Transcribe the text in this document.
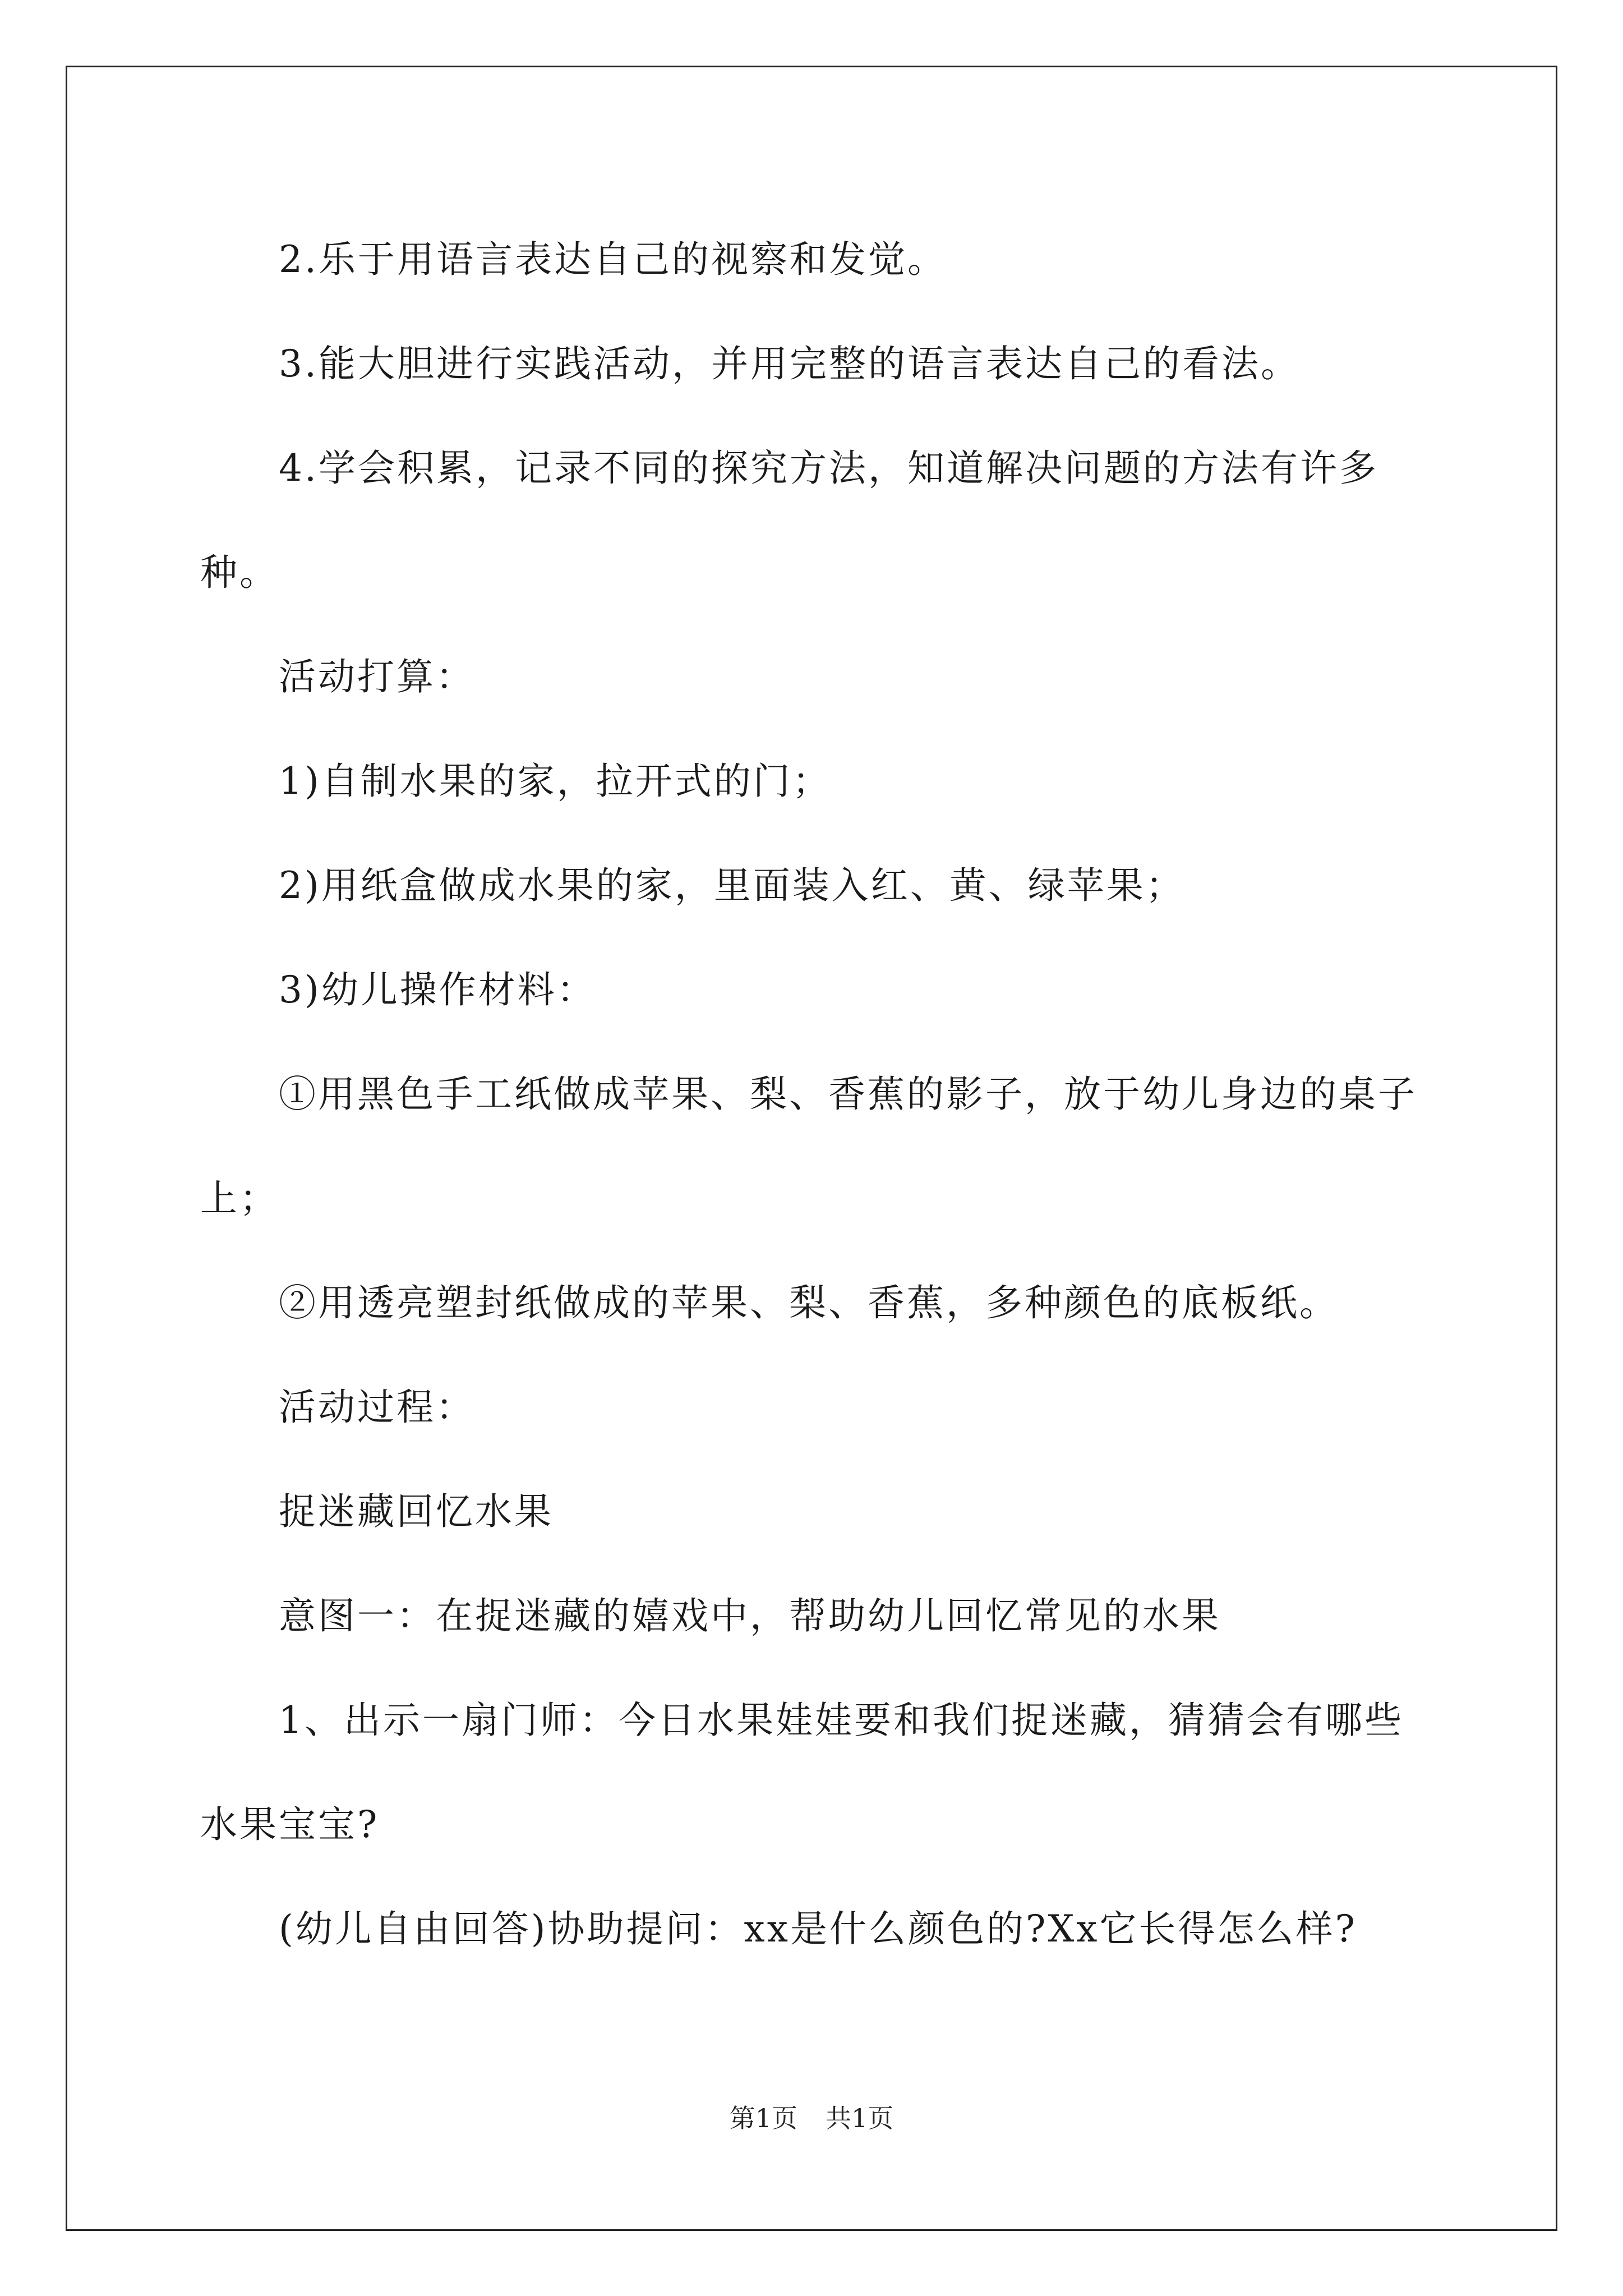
2.乐于用语言表达自己的视察和发觉。

3.能大胆进行实践活动，并用完整的语言表达自己的看法。

4.学会积累，记录不同的探究方法，知道解决问题的方法有许多种。

活动打算：

1)自制水果的家，拉开式的门；

2)用纸盒做成水果的家，里面装入红、黄、绿苹果；

3)幼儿操作材料：

①用黑色手工纸做成苹果、梨、香蕉的影子，放于幼儿身边的桌子上；

②用透亮塑封纸做成的苹果、梨、香蕉，多种颜色的底板纸。

活动过程：

捉迷藏回忆水果

意图一：在捉迷藏的嬉戏中，帮助幼儿回忆常见的水果

1、出示一扇门师：今日水果娃娃要和我们捉迷藏，猜猜会有哪些水果宝宝?

(幼儿自由回答)协助提问：xx是什么颜色的?Xx它长得怎么样?

第1页 共1页
